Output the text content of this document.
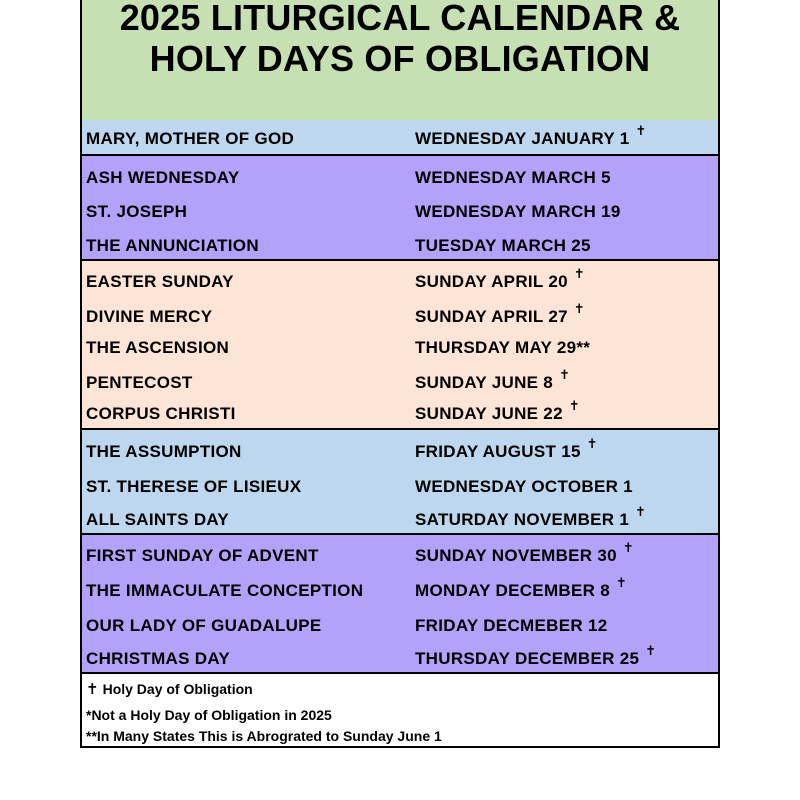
2025 LITURGICAL CALENDAR &
HOLY DAYS OF OBLIGATION
MARY, MOTHER OF GOD	WEDNESDAY JANUARY 1 ✝
ASH WEDNESDAY	WEDNESDAY MARCH 5
ST. JOSEPH	WEDNESDAY MARCH 19
THE ANNUNCIATION	TUESDAY MARCH 25
EASTER SUNDAY	SUNDAY APRIL 20 ✝
DIVINE MERCY	SUNDAY APRIL 27 ✝
THE ASCENSION	THURSDAY MAY 29**
PENTECOST	SUNDAY JUNE 8 ✝
CORPUS CHRISTI	SUNDAY JUNE 22 ✝
THE ASSUMPTION	FRIDAY AUGUST 15 ✝
ST. THERESE OF LISIEUX	WEDNESDAY OCTOBER 1
ALL SAINTS DAY	SATURDAY NOVEMBER 1 ✝
FIRST SUNDAY OF ADVENT	SUNDAY NOVEMBER 30 ✝
THE IMMACULATE CONCEPTION	MONDAY DECEMBER 8 ✝
OUR LADY OF GUADALUPE	FRIDAY DECMEBER 12
CHRISTMAS DAY	THURSDAY DECEMBER 25 ✝
✝ Holy Day of Obligation
*Not a Holy Day of Obligation in 2025
**In Many States This is Abrograted to Sunday June 1
